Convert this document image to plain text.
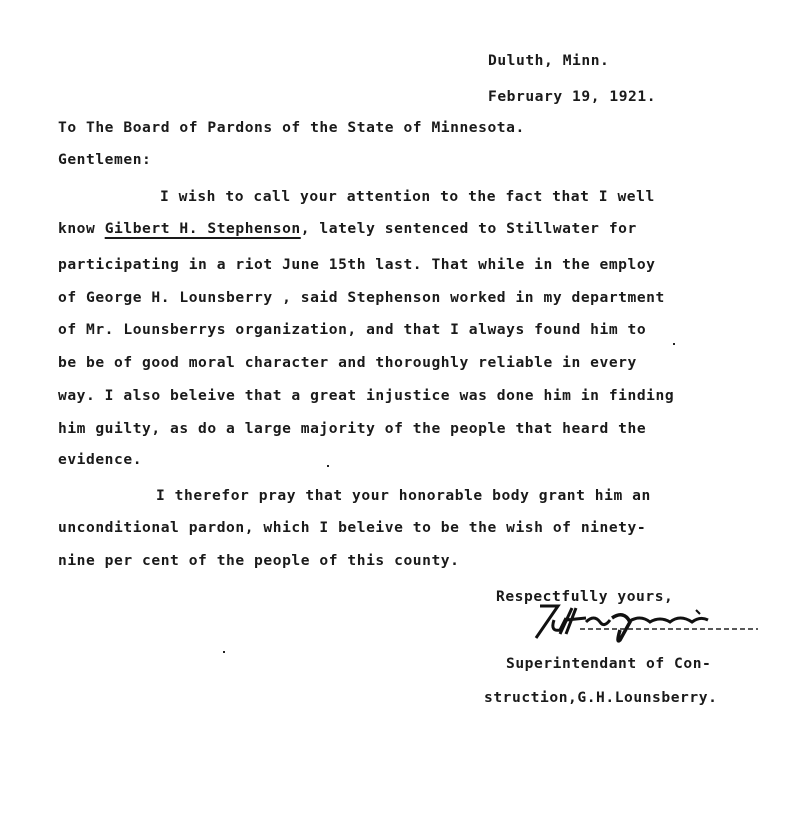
Duluth, Minn.
February 19, 1921.
To The Board of Pardons of the State of Minnesota.
Gentlemen:
I wish to call your attention to the fact that I well
know Gilbert H. Stephenson, lately sentenced to Stillwater for
participating in a riot June 15th last. That while in the employ
of George H. Lounsberry , said Stephenson worked in my department
of Mr. Lounsberrys organization, and that I always found him to
be be of good moral character and thoroughly reliable in every
way. I also beleive that a great injustice was done him in finding
him guilty, as do a large majority of the people that heard the
evidence.
I therefor pray that your honorable body grant him an
unconditional pardon, which I beleive to be the wish of ninety-
nine per cent of the people of this county.
Respectfully yours,
Superintendant of Con-
struction,G.H.Lounsberry.
